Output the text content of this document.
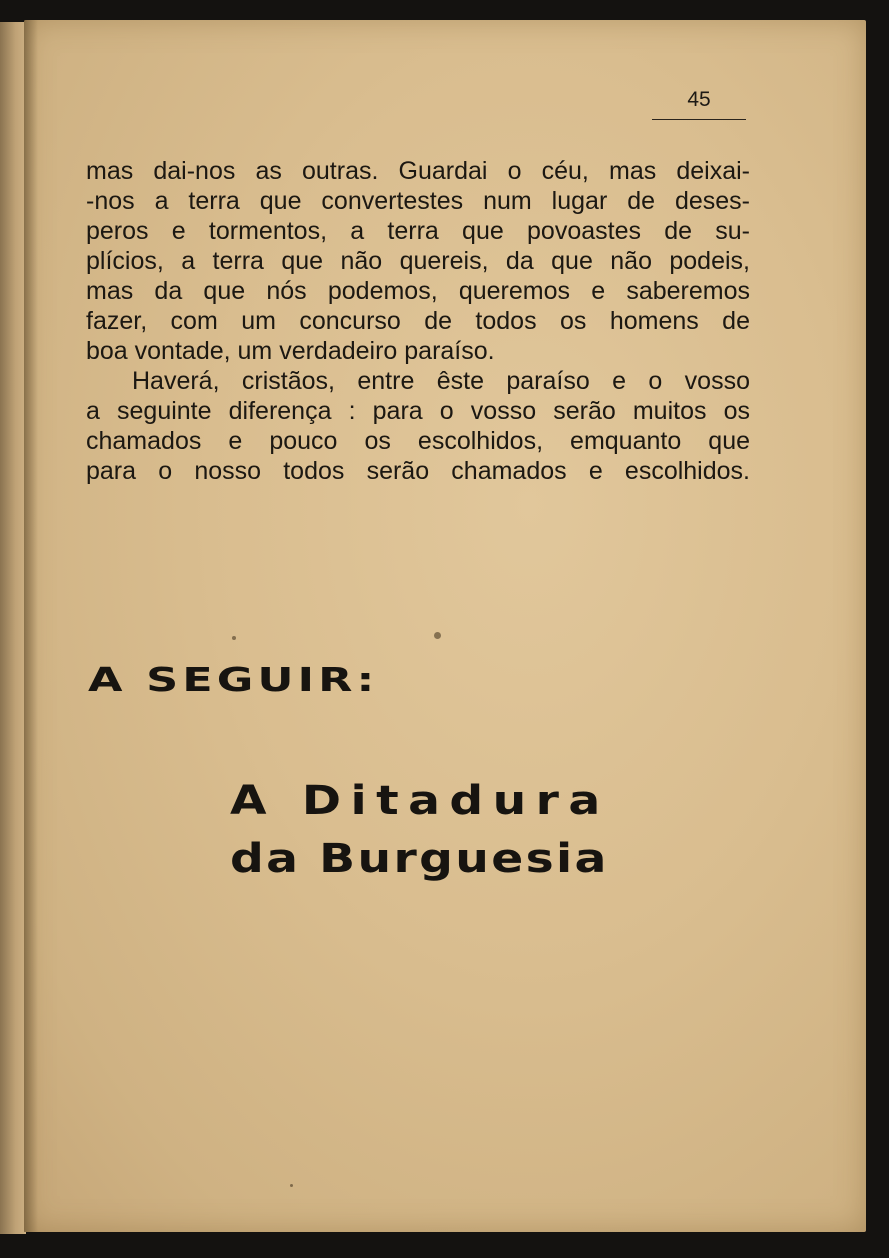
45
mas dai-nos as outras. Guardai o céu, mas deixai-
-nos a terra que convertestes num lugar de deses-
peros e tormentos, a terra que povoastes de su-
plícios, a terra que não quereis, da que não podeis,
mas da que nós podemos, queremos e saberemos
fazer, com um concurso de todos os homens de
boa vontade, um verdadeiro paraíso.
Haverá, cristãos, entre êste paraíso e o vosso
a seguinte diferença : para o vosso serão muitos os
chamados e pouco os escolhidos, emquanto que
para o nosso todos serão chamados e escolhidos.
A SEGUIR:
A Ditadura
da Burguesia
